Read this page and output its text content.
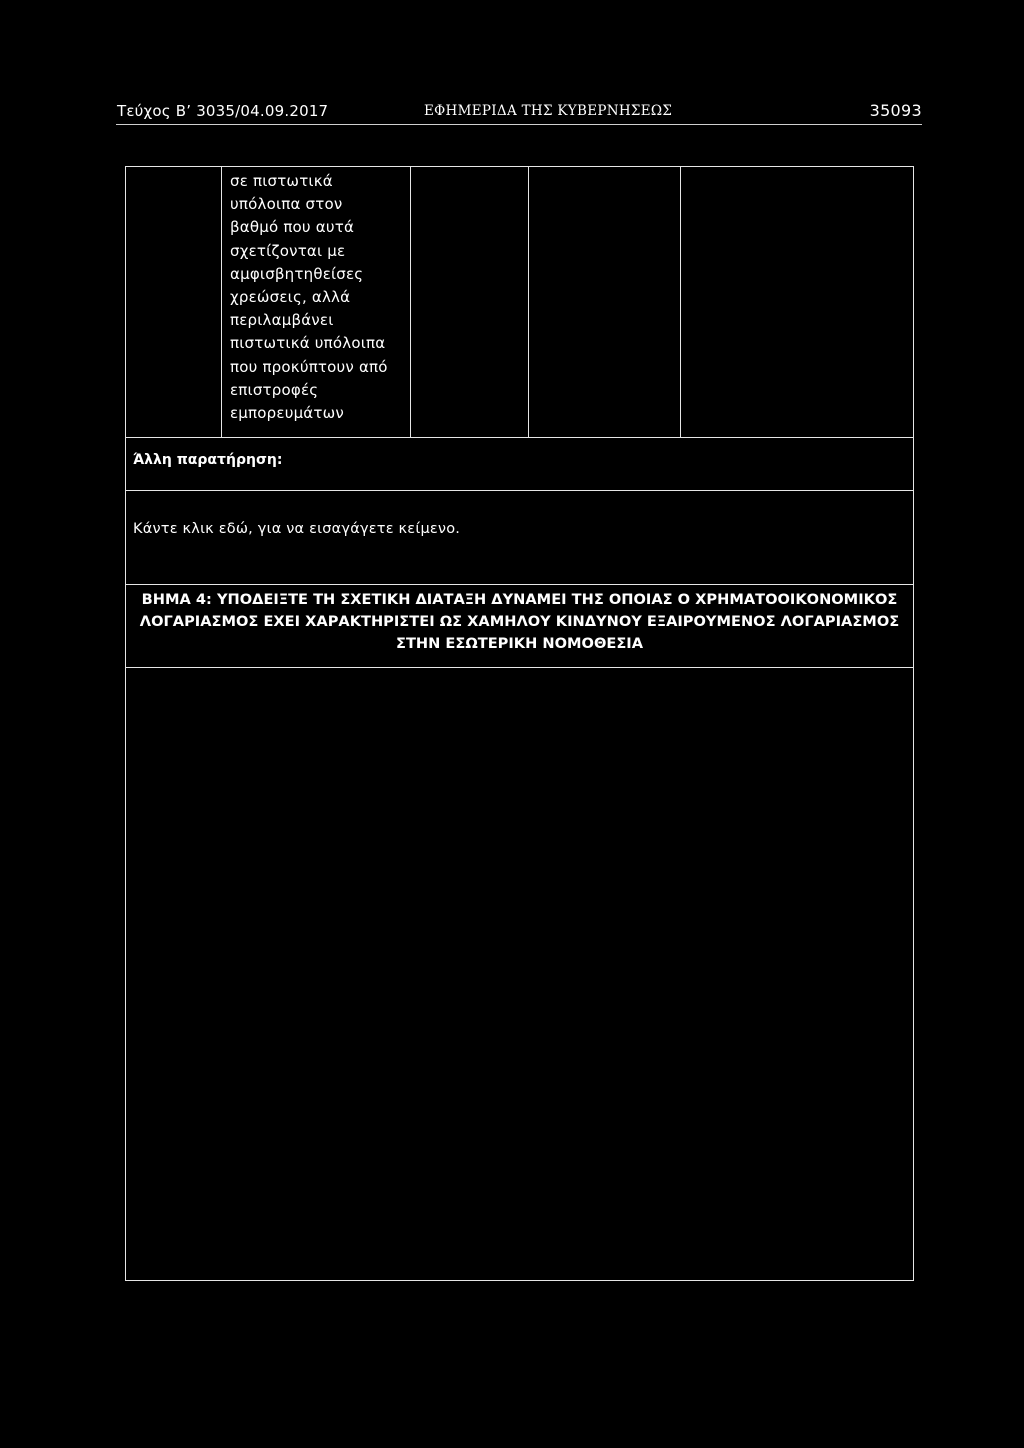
Τεύχος Β’ 3035/04.09.2017	ΕΦΗΜΕΡΙΔΑ ΤΗΣ ΚΥΒΕΡΝΗΣΕΩΣ	35093
σε πιστωτικά
υπόλοιπα στον
βαθμό που αυτά
σχετίζονται με
αμφισβητηθείσες
χρεώσεις, αλλά
περιλαμβάνει
πιστωτικά υπόλοιπα
που προκύπτουν από
επιστροφές
εμπορευμάτων
Άλλη παρατήρηση:
Κάντε κλικ εδώ, για να εισαγάγετε κείμενο.
ΒΗΜΑ 4: ΥΠΟΔΕΙΞΤΕ ΤΗ ΣΧΕΤΙΚΗ ΔΙΑΤΑΞΗ ΔΥΝΑΜΕΙ ΤΗΣ ΟΠΟΙΑΣ Ο ΧΡΗΜΑΤΟΟΙΚΟΝΟΜΙΚΟΣ
ΛΟΓΑΡΙΑΣΜΟΣ ΕΧΕΙ ΧΑΡΑΚΤΗΡΙΣΤΕΙ ΩΣ ΧΑΜΗΛΟΥ ΚΙΝΔΥΝΟΥ ΕΞΑΙΡΟΥΜΕΝΟΣ ΛΟΓΑΡΙΑΣΜΟΣ
ΣΤΗΝ ΕΣΩΤΕΡΙΚΗ ΝΟΜΟΘΕΣΙΑ
